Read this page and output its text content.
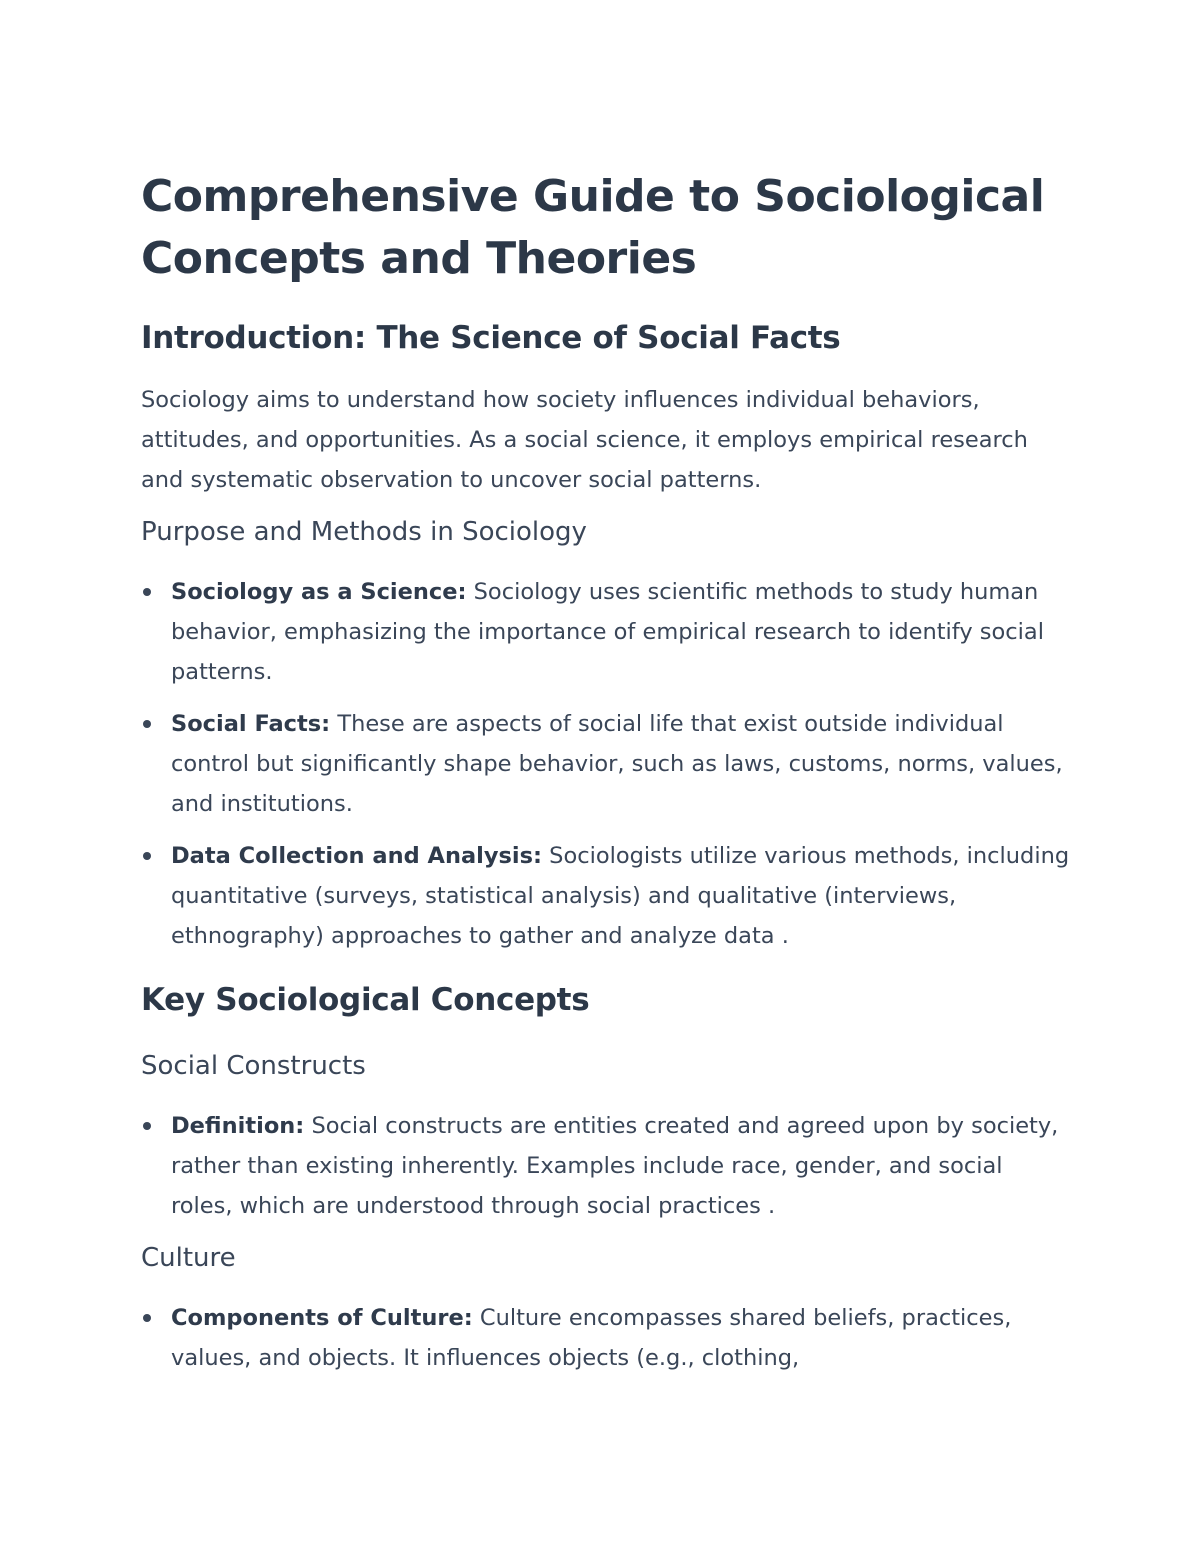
Comprehensive Guide to Sociological Concepts and Theories
Introduction: The Science of Social Facts

Sociology aims to understand how society influences individual behaviors, attitudes, and opportunities. As a social science, it employs empirical research and systematic observation to uncover social patterns.

Purpose and Methods in Sociology
Sociology as a Science: Sociology uses scientific methods to study human behavior, emphasizing the importance of empirical research to identify social patterns.
Social Facts: These are aspects of social life that exist outside individual control but significantly shape behavior, such as laws, customs, norms, values, and institutions.
Data Collection and Analysis: Sociologists utilize various methods, including quantitative (surveys, statistical analysis) and qualitative (interviews, ethnography) approaches to gather and analyze data .
Key Sociological Concepts
Social Constructs
Definition: Social constructs are entities created and agreed upon by society, rather than existing inherently. Examples include race, gender, and social roles, which are understood through social practices .
Culture
Components of Culture: Culture encompasses shared beliefs, practices, values, and objects. It influences objects (e.g., clothing,
